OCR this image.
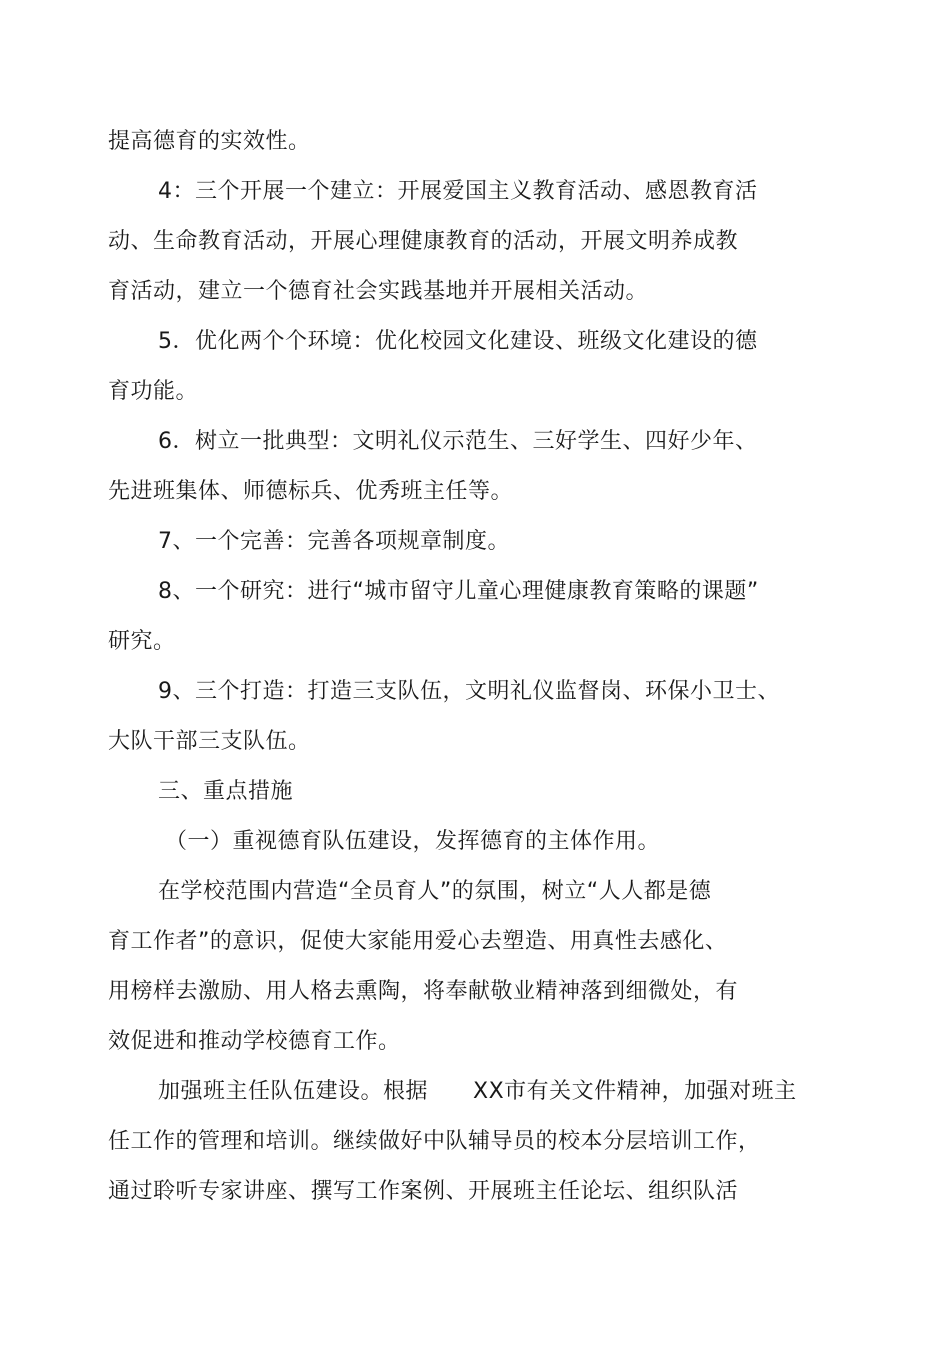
提高德育的实效性。
4：三个开展一个建立：开展爱国主义教育活动、感恩教育活
动、生命教育活动，开展心理健康教育的活动，开展文明养成教
育活动，建立一个德育社会实践基地并开展相关活动。
5．优化两个个环境：优化校园文化建设、班级文化建设的德
育功能。
6．树立一批典型：文明礼仪示范生、三好学生、四好少年、
先进班集体、师德标兵、优秀班主任等。
7、一个完善：完善各项规章制度。
8、一个研究：进行“城市留守儿童心理健康教育策略的课题”
研究。
9、三个打造：打造三支队伍，文明礼仪监督岗、环保小卫士、
大队干部三支队伍。
三、重点措施
（一）重视德育队伍建设，发挥德育的主体作用。
在学校范围内营造“全员育人”的氛围，树立“人人都是德
育工作者”的意识，促使大家能用爱心去塑造、用真性去感化、
用榜样去激励、用人格去熏陶，将奉献敬业精神落到细微处，有
效促进和推动学校德育工作。
加强班主任队伍建设。根据　　XX市有关文件精神，加强对班主
任工作的管理和培训。继续做好中队辅导员的校本分层培训工作，
通过聆听专家讲座、撰写工作案例、开展班主任论坛、组织队活
